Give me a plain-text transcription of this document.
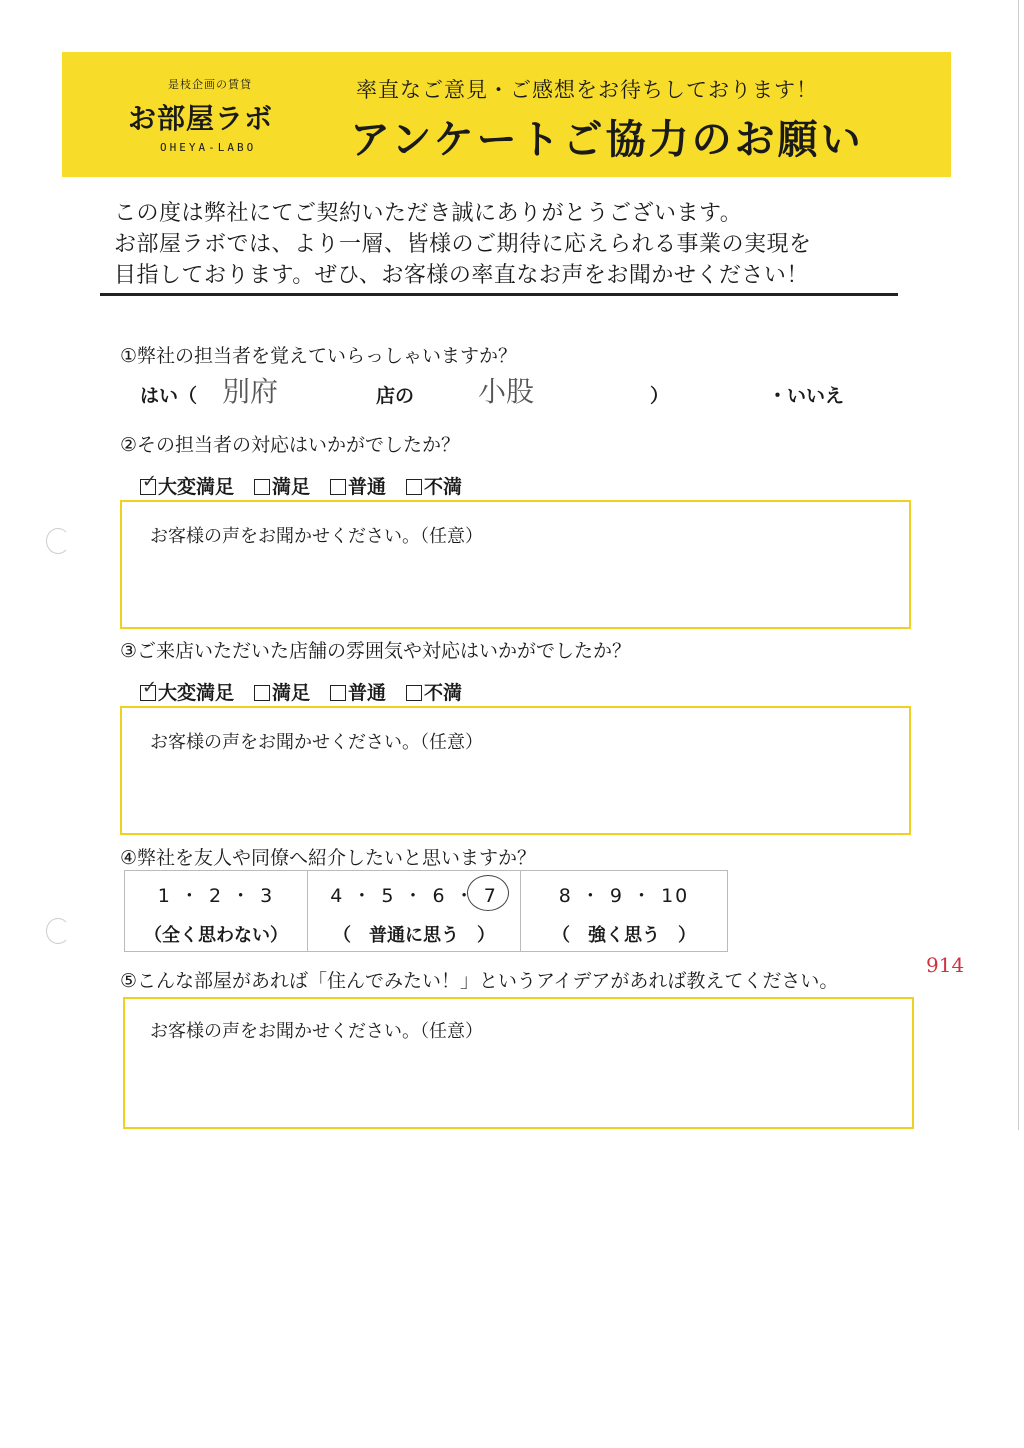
是枝企画の賃貸
お部屋ラボ
OHEYA-LABO
率直なご意見・ご感想をお待ちしております！
アンケートご協力のお願い
この度は弊社にてご契約いただき誠にありがとうございます。
お部屋ラボでは、より一層、皆様のご期待に応えられる事業の実現を
目指しております。ぜひ、お客様の率直なお声をお聞かせください！
①弊社の担当者を覚えていらっしゃいますか？
はい（ 別府	店の 小股	）	・いいえ
②その担当者の対応はいかがでしたか？
✓ 大変満足	満足	普通	不満
お客様の声をお聞かせください。（任意）
③ご来店いただいた店舗の雰囲気や対応はいかがでしたか？
✓ 大変満足	満足	普通	不満
お客様の声をお聞かせください。（任意）
④弊社を友人や同僚へ紹介したいと思いますか？
1 ・ 2 ・ 3
（全く思わない）
4 ・ 5 ・ 6 ・ 7
（　普通に思う　）
8 ・ 9 ・ 10
（　強く思う　）
914
⑤こんな部屋があれば「住んでみたい！」というアイデアがあれば教えてください。
お客様の声をお聞かせください。（任意）
